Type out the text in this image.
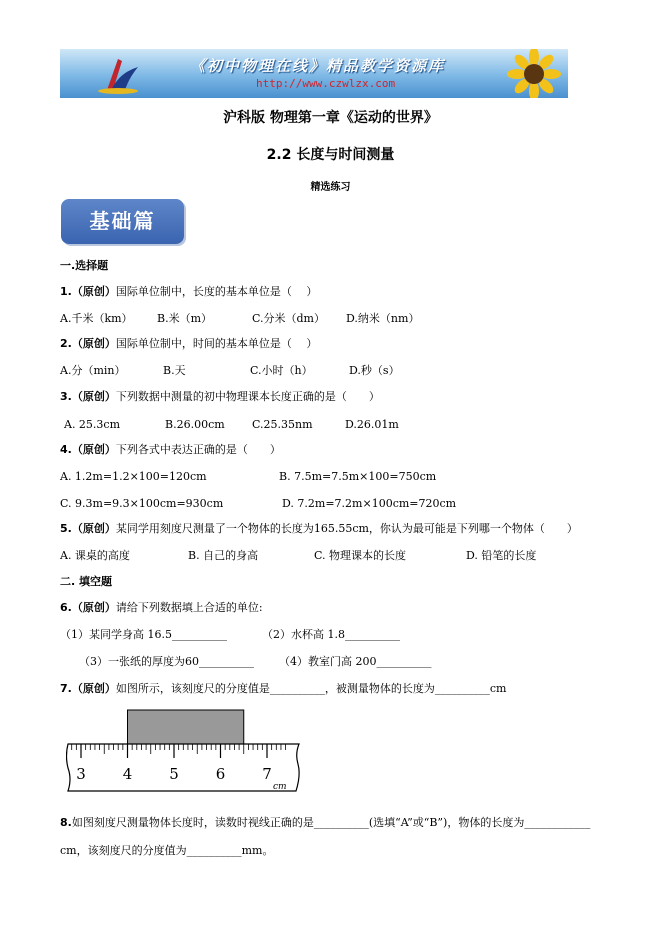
《初中物理在线》精品教学资源库
http://www.czwlzx.com
沪科版 物理第一章《运动的世界》
2.2 长度与时间测量
精选练习
基础篇
一.选择题
1.（原创）国际单位制中，长度的基本单位是（　 ）
A.千米（km） B.米（m）	C.分米（dm） D.纳米（nm）
2.（原创）国际单位制中，时间的基本单位是（　 ）
A.分（min）	B.天	C.小时（h）	D.秒（s）
3.（原创）下列数据中测量的初中物理课本长度正确的是（　　）
A. 25.3cm	B.26.00cm C.25.35nm	D.26.01m
4.（原创）下列各式中表达正确的是（　　）
A. 1.2m=1.2×100=120cm	B. 7.5m=7.5m×100=750cm
C. 9.3m=9.3×100cm=930cm	D. 7.2m=7.2m×100cm=720cm
5.（原创）某同学用刻度尺测量了一个物体的长度为165.55cm，你认为最可能是下列哪一个物体（　　）
A. 课桌的高度	B. 自己的身高	C. 物理课本的长度	D. 铅笔的长度
二. 填空题
6.（原创）请给下列数据填上合适的单位:
（1）某同学身高 16.5__________	（2）水杯高 1.8__________
（3）一张纸的厚度为60__________ （4）教室门高 200__________
7.（原创）如图所示，该刻度尺的分度值是__________，被测量物体的长度为__________cm
3 4 5 6 7
cm
8.如图刻度尺测量物体长度时，读数时视线正确的是__________(选填“A”或“B”)，物体的长度为____________
cm，该刻度尺的分度值为__________mm。
